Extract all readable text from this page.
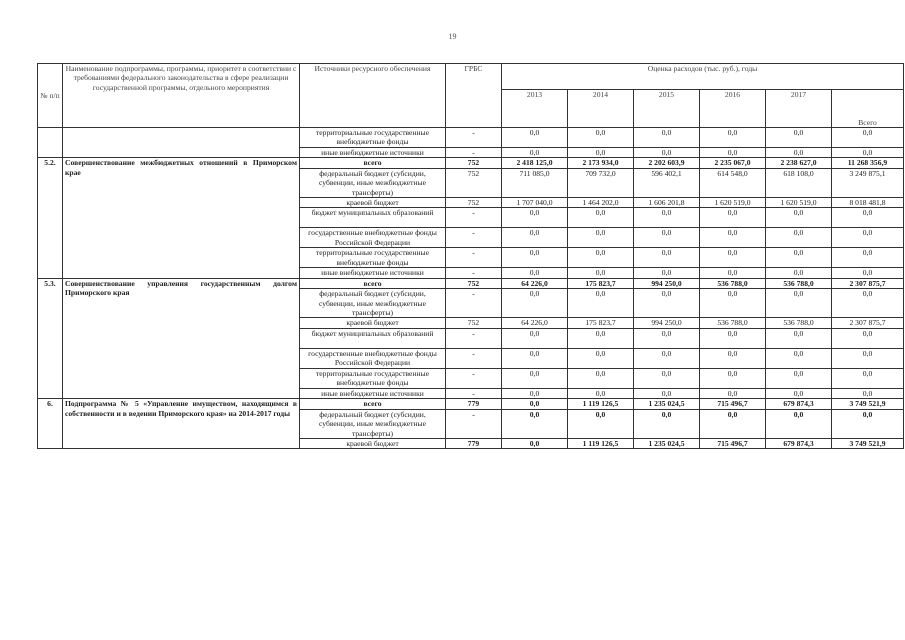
19
№ п/п	Наименование подпрограммы, программы, приоритет в соответствии с требованиями федерального законодательства в сфере реализации государственной программы, отдельного мероприятия	Источники ресурсного обеспечения	ГРБС	Оценка расходов (тыс. руб.), годы					
				2013	2014	2015	2016	2017	Всего
		территориальные государственные внебюджетные фонды	-	0,0	0,0	0,0	0,0	0,0	0,0
		иные внебюджетные источники	-	0,0	0,0	0,0	0,0	0,0	0,0
5.2.	Совершенствование межбюджетных отношений в Приморском крае	всего	752	2 418 125,0	2 173 934,0	2 202 603,9	2 235 067,0	2 238 627,0	11 268 356,9
		федеральный бюджет (субсидии, субвенции, иные межбюджетные трансферты)	752	711 085,0	709 732,0	596 402,1	614 548,0	618 108,0	3 249 875,1
		краевой бюджет	752	1 707 040,0	1 464 202,0	1 606 201,8	1 620 519,0	1 620 519,0	8 018 481,8
		бюджет муниципальных образований	-	0,0	0,0	0,0	0,0	0,0	0,0
		государственные внебюджетные фонды Российской Федерации	-	0,0	0,0	0,0	0,0	0,0	0,0
		территориальные государственные внебюджетные фонды	-	0,0	0,0	0,0	0,0	0,0	0,0
		иные внебюджетные источники	-	0,0	0,0	0,0	0,0	0,0	0,0
5.3.	Совершенствование управления государственным долгом Приморского края	всего	752	64 226,0	175 823,7	994 250,0	536 788,0	536 788,0	2 307 875,7
		федеральный бюджет (субсидии, субвенции, иные межбюджетные трансферты)	-	0,0	0,0	0,0	0,0	0,0	0,0
		краевой бюджет	752	64 226,0	175 823,7	994 250,0	536 788,0	536 788,0	2 307 875,7
		бюджет муниципальных образований	-	0,0	0,0	0,0	0,0	0,0	0,0
		государственные внебюджетные фонды Российской Федерации	-	0,0	0,0	0,0	0,0	0,0	0,0
		территориальные государственные внебюджетные фонды	-	0,0	0,0	0,0	0,0	0,0	0,0
		иные внебюджетные источники	-	0,0	0,0	0,0	0,0	0,0	0,0
6.	Подпрограмма № 5 «Управление имуществом, находящимся в собственности и в ведении Приморского края» на 2014-2017 годы	всего	779	0,0	1 119 126,5	1 235 024,5	715 496,7	679 874,3	3 749 521,9
		федеральный бюджет (субсидии, субвенции, иные межбюджетные трансферты)	-	0,0	0,0	0,0	0,0	0,0	0,0
		краевой бюджет	779	0,0	1 119 126,5	1 235 024,5	715 496,7	679 874,3	3 749 521,9
